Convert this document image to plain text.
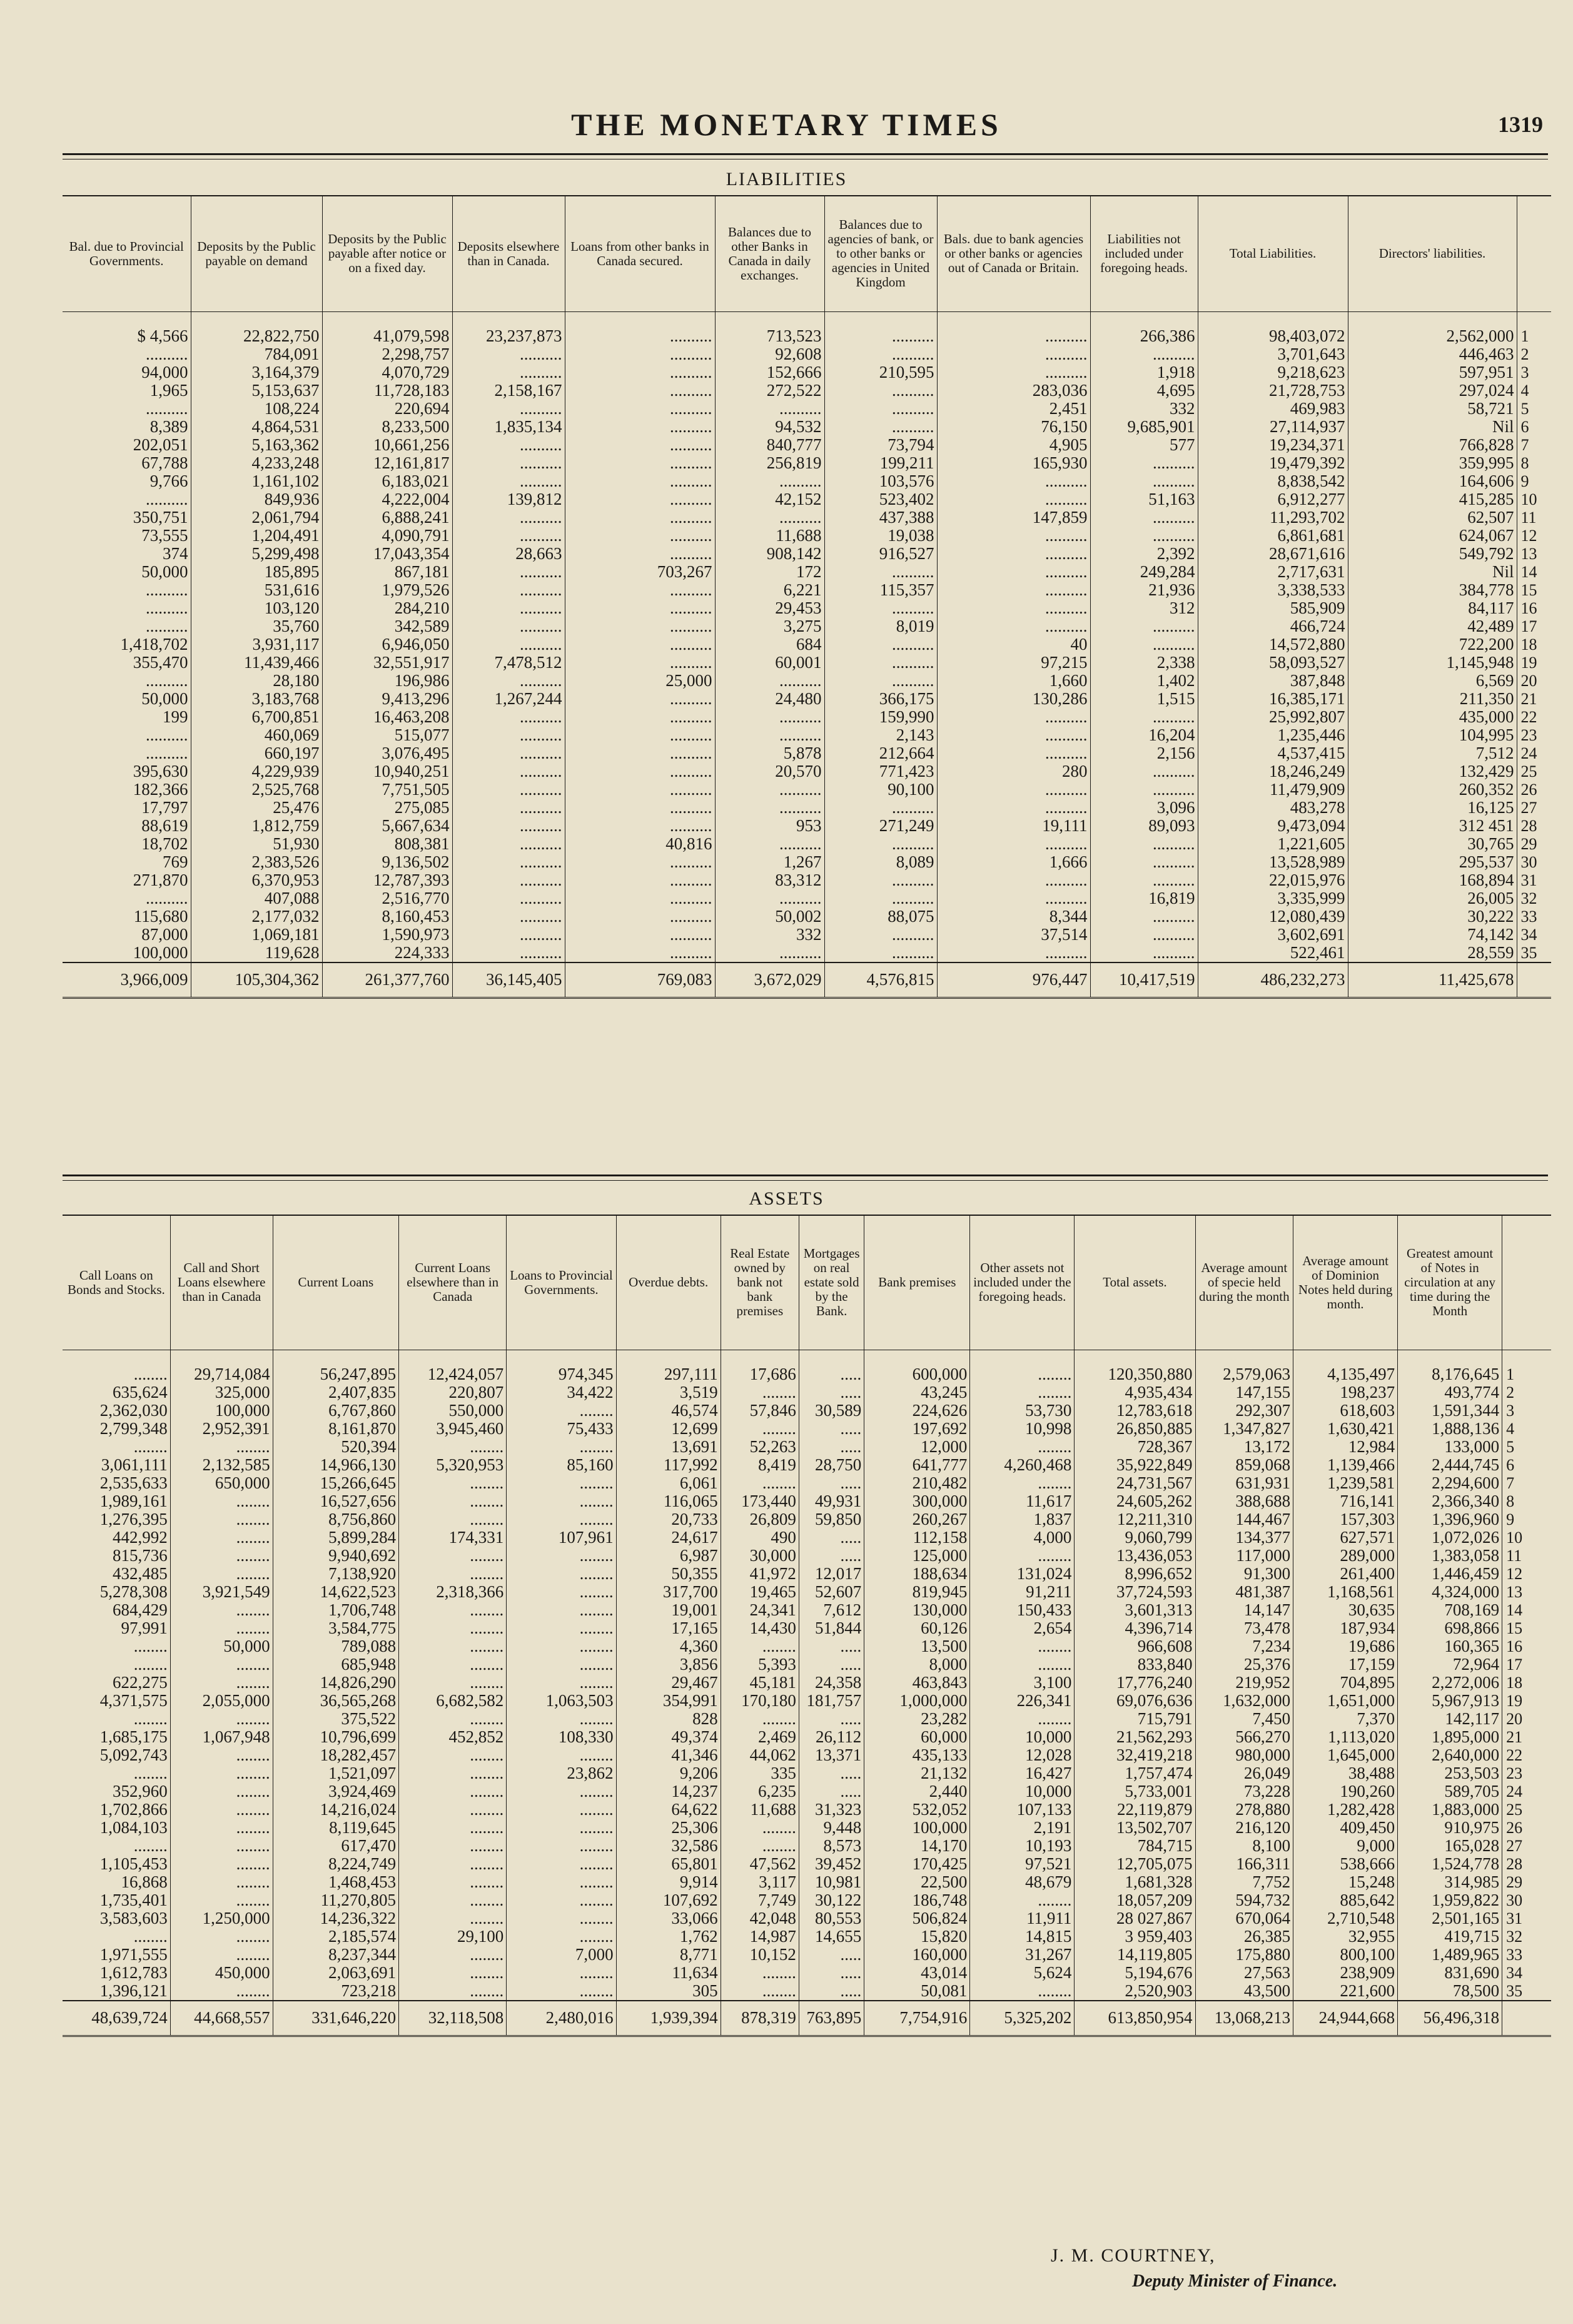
THE MONETARY TIMES	1319
LIABILITIES
Bal. due to Provincial Governments.	Deposits by the Public payable on demand	Deposits by the Public payable after notice or on a fixed day.	Deposits elsewhere than in Canada.	Loans from other banks in Canada secured.	Balances due to other Banks in Canada in daily exchanges.	Balances due to agencies of bank, or to other banks or agencies in United Kingdom	Bals. due to bank agencies or other banks or agencies out of Canada or Britain.	Liabilities not included under foregoing heads.	Total Liabilities.	Directors' liabilities.	

$ 4,566	22,822,750	41,079,598	23,237,873	..........	713,523	..........	..........	266,386	98,403,072	2,562,000	1
..........	784,091	2,298,757	..........	..........	92,608	..........	..........	..........	3,701,643	446,463	2
94,000	3,164,379	4,070,729	..........	..........	152,666	210,595	..........	1,918	9,218,623	597,951	3
1,965	5,153,637	11,728,183	2,158,167	..........	272,522	..........	283,036	4,695	21,728,753	297,024	4
..........	108,224	220,694	..........	..........	..........	..........	2,451	332	469,983	58,721	5
8,389	4,864,531	8,233,500	1,835,134	..........	94,532	..........	76,150	9,685,901	27,114,937	Nil	6
202,051	5,163,362	10,661,256	..........	..........	840,777	73,794	4,905	577	19,234,371	766,828	7
67,788	4,233,248	12,161,817	..........	..........	256,819	199,211	165,930	..........	19,479,392	359,995	8
9,766	1,161,102	6,183,021	..........	..........	..........	103,576	..........	..........	8,838,542	164,606	9
..........	849,936	4,222,004	139,812	..........	42,152	523,402	..........	51,163	6,912,277	415,285	10
350,751	2,061,794	6,888,241	..........	..........	..........	437,388	147,859	..........	11,293,702	62,507	11
73,555	1,204,491	4,090,791	..........	..........	11,688	19,038	..........	..........	6,861,681	624,067	12
374	5,299,498	17,043,354	28,663	..........	908,142	916,527	..........	2,392	28,671,616	549,792	13
50,000	185,895	867,181	..........	703,267	172	..........	..........	249,284	2,717,631	Nil	14
..........	531,616	1,979,526	..........	..........	6,221	115,357	..........	21,936	3,338,533	384,778	15
..........	103,120	284,210	..........	..........	29,453	..........	..........	312	585,909	84,117	16
..........	35,760	342,589	..........	..........	3,275	8,019	..........	..........	466,724	42,489	17
1,418,702	3,931,117	6,946,050	..........	..........	684	..........	40	..........	14,572,880	722,200	18
355,470	11,439,466	32,551,917	7,478,512	..........	60,001	..........	97,215	2,338	58,093,527	1,145,948	19
..........	28,180	196,986	..........	25,000	..........	..........	1,660	1,402	387,848	6,569	20
50,000	3,183,768	9,413,296	1,267,244	..........	24,480	366,175	130,286	1,515	16,385,171	211,350	21
199	6,700,851	16,463,208	..........	..........	..........	159,990	..........	..........	25,992,807	435,000	22
..........	460,069	515,077	..........	..........	..........	2,143	..........	16,204	1,235,446	104,995	23
..........	660,197	3,076,495	..........	..........	5,878	212,664	..........	2,156	4,537,415	7,512	24
395,630	4,229,939	10,940,251	..........	..........	20,570	771,423	280	..........	18,246,249	132,429	25
182,366	2,525,768	7,751,505	..........	..........	..........	90,100	..........	..........	11,479,909	260,352	26
17,797	25,476	275,085	..........	..........	..........	..........	..........	3,096	483,278	16,125	27
88,619	1,812,759	5,667,634	..........	..........	953	271,249	19,111	89,093	9,473,094	312 451	28
18,702	51,930	808,381	..........	40,816	..........	..........	..........	..........	1,221,605	30,765	29
769	2,383,526	9,136,502	..........	..........	1,267	8,089	1,666	..........	13,528,989	295,537	30
271,870	6,370,953	12,787,393	..........	..........	83,312	..........	..........	..........	22,015,976	168,894	31
..........	407,088	2,516,770	..........	..........	..........	..........	..........	16,819	3,335,999	26,005	32
115,680	2,177,032	8,160,453	..........	..........	50,002	88,075	8,344	..........	12,080,439	30,222	33
87,000	1,069,181	1,590,973	..........	..........	332	..........	37,514	..........	3,602,691	74,142	34
100,000	119,628	224,333	..........	..........	..........	..........	..........	..........	522,461	28,559	35
3,966,009	105,304,362	261,377,760	36,145,405	769,083	3,672,029	4,576,815	976,447	10,417,519	486,232,273	11,425,678	
ASSETS
Call Loans on Bonds and Stocks.	Call and Short Loans elsewhere than in Canada	Current Loans	Current Loans elsewhere than in Canada	Loans to Provincial Governments.	Overdue debts.	Real Estate owned by bank not bank premises	Mortgages on real estate sold by the Bank.	Bank premises	Other assets not included under the foregoing heads.	Total assets.	Average amount of specie held during the month	Average amount of Dominion Notes held during month.	Greatest amount of Notes in circulation at any time during the Month	

........	29,714,084	56,247,895	12,424,057	974,345	297,111	17,686	.....	600,000	........	120,350,880	2,579,063	4,135,497	8,176,645	1
635,624	325,000	2,407,835	220,807	34,422	3,519	........	.....	43,245	........	4,935,434	147,155	198,237	493,774	2
2,362,030	100,000	6,767,860	550,000	........	46,574	57,846	30,589	224,626	53,730	12,783,618	292,307	618,603	1,591,344	3
2,799,348	2,952,391	8,161,870	3,945,460	75,433	12,699	........	.....	197,692	10,998	26,850,885	1,347,827	1,630,421	1,888,136	4
........	........	520,394	........	........	13,691	52,263	.....	12,000	........	728,367	13,172	12,984	133,000	5
3,061,111	2,132,585	14,966,130	5,320,953	85,160	117,992	8,419	28,750	641,777	4,260,468	35,922,849	859,068	1,139,466	2,444,745	6
2,535,633	650,000	15,266,645	........	........	6,061	........	.....	210,482	........	24,731,567	631,931	1,239,581	2,294,600	7
1,989,161	........	16,527,656	........	........	116,065	173,440	49,931	300,000	11,617	24,605,262	388,688	716,141	2,366,340	8
1,276,395	........	8,756,860	........	........	20,733	26,809	59,850	260,267	1,837	12,211,310	144,467	157,303	1,396,960	9
442,992	........	5,899,284	174,331	107,961	24,617	490	.....	112,158	4,000	9,060,799	134,377	627,571	1,072,026	10
815,736	........	9,940,692	........	........	6,987	30,000	.....	125,000	........	13,436,053	117,000	289,000	1,383,058	11
432,485	........	7,138,920	........	........	50,355	41,972	12,017	188,634	131,024	8,996,652	91,300	261,400	1,446,459	12
5,278,308	3,921,549	14,622,523	2,318,366	........	317,700	19,465	52,607	819,945	91,211	37,724,593	481,387	1,168,561	4,324,000	13
684,429	........	1,706,748	........	........	19,001	24,341	7,612	130,000	150,433	3,601,313	14,147	30,635	708,169	14
97,991	........	3,584,775	........	........	17,165	14,430	51,844	60,126	2,654	4,396,714	73,478	187,934	698,866	15
........	50,000	789,088	........	........	4,360	........	.....	13,500	........	966,608	7,234	19,686	160,365	16
........	........	685,948	........	........	3,856	5,393	.....	8,000	........	833,840	25,376	17,159	72,964	17
622,275	........	14,826,290	........	........	29,467	45,181	24,358	463,843	3,100	17,776,240	219,952	704,895	2,272,006	18
4,371,575	2,055,000	36,565,268	6,682,582	1,063,503	354,991	170,180	181,757	1,000,000	226,341	69,076,636	1,632,000	1,651,000	5,967,913	19
........	........	375,522	........	........	828	........	.....	23,282	........	715,791	7,450	7,370	142,117	20
1,685,175	1,067,948	10,796,699	452,852	108,330	49,374	2,469	26,112	60,000	10,000	21,562,293	566,270	1,113,020	1,895,000	21
5,092,743	........	18,282,457	........	........	41,346	44,062	13,371	435,133	12,028	32,419,218	980,000	1,645,000	2,640,000	22
........	........	1,521,097	........	23,862	9,206	335	.....	21,132	16,427	1,757,474	26,049	38,488	253,503	23
352,960	........	3,924,469	........	........	14,237	6,235	.....	2,440	10,000	5,733,001	73,228	190,260	589,705	24
1,702,866	........	14,216,024	........	........	64,622	11,688	31,323	532,052	107,133	22,119,879	278,880	1,282,428	1,883,000	25
1,084,103	........	8,119,645	........	........	25,306	........	9,448	100,000	2,191	13,502,707	216,120	409,450	910,975	26
........	........	617,470	........	........	32,586	........	8,573	14,170	10,193	784,715	8,100	9,000	165,028	27
1,105,453	........	8,224,749	........	........	65,801	47,562	39,452	170,425	97,521	12,705,075	166,311	538,666	1,524,778	28
16,868	........	1,468,453	........	........	9,914	3,117	10,981	22,500	48,679	1,681,328	7,752	15,248	314,985	29
1,735,401	........	11,270,805	........	........	107,692	7,749	30,122	186,748	........	18,057,209	594,732	885,642	1,959,822	30
3,583,603	1,250,000	14,236,322	........	........	33,066	42,048	80,553	506,824	11,911	28 027,867	670,064	2,710,548	2,501,165	31
........	........	2,185,574	29,100	........	1,762	14,987	14,655	15,820	14,815	3 959,403	26,385	32,955	419,715	32
1,971,555	........	8,237,344	........	7,000	8,771	10,152	.....	160,000	31,267	14,119,805	175,880	800,100	1,489,965	33
1,612,783	450,000	2,063,691	........	........	11,634	........	.....	43,014	5,624	5,194,676	27,563	238,909	831,690	34
1,396,121	........	723,218	........	........	305	........	.....	50,081	........	2,520,903	43,500	221,600	78,500	35
48,639,724	44,668,557	331,646,220	32,118,508	2,480,016	1,939,394	878,319	763,895	7,754,916	5,325,202	613,850,954	13,068,213	24,944,668	56,496,318	
J. M. COURTNEY,
Deputy Minister of Finance.
